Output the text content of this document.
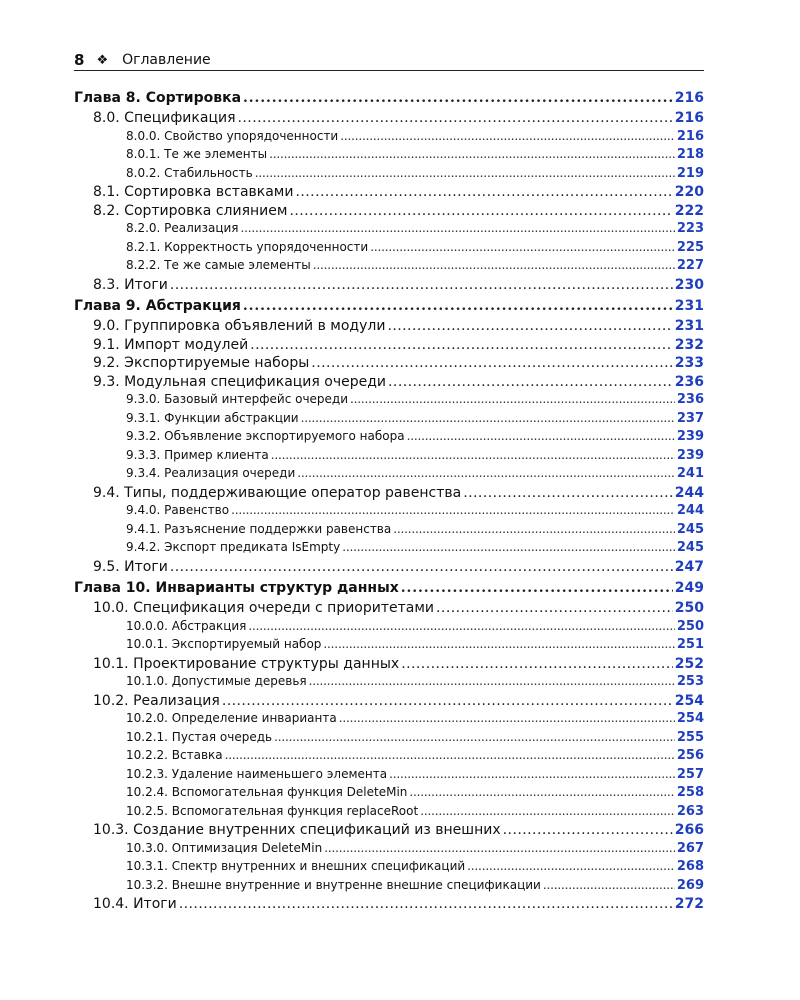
8 ❖ Оглавление
Глава 8. Сортировка . . .	216
8.0. Спецификация . . .	216
8.0.0. Свойство упорядоченности . . .	216
8.0.1. Те же элементы . . .	218
8.0.2. Стабильность . . .	219
8.1. Сортировка вставками . . .	220
8.2. Сортировка слиянием . . .	222
8.2.0. Реализация . . .	223
8.2.1. Корректность упорядоченности . . .	225
8.2.2. Те же самые элементы . . .	227
8.3. Итоги . . .	230
Глава 9. Абстракция . . .	231
9.0. Группировка объявлений в модули . . .	231
9.1. Импорт модулей . . .	232
9.2. Экспортируемые наборы . . .	233
9.3. Модульная спецификация очереди . . .	236
9.3.0. Базовый интерфейс очереди . . .	236
9.3.1. Функции абстракции . . .	237
9.3.2. Объявление экспортируемого набора . . .	239
9.3.3. Пример клиента . . .	239
9.3.4. Реализация очереди . . .	241
9.4. Типы, поддерживающие оператор равенства . . .	244
9.4.0. Равенство . . .	244
9.4.1. Разъяснение поддержки равенства . . .	245
9.4.2. Экспорт предиката IsEmpty . . .	245
9.5. Итоги . . .	247
Глава 10. Инварианты структур данных . . .	249
10.0. Спецификация очереди с приоритетами . . .	250
10.0.0. Абстракция . . .	250
10.0.1. Экспортируемый набор . . .	251
10.1. Проектирование структуры данных . . .	252
10.1.0. Допустимые деревья . . .	253
10.2. Реализация . . .	254
10.2.0. Определение инварианта . . .	254
10.2.1. Пустая очередь . . .	255
10.2.2. Вставка . . .	256
10.2.3. Удаление наименьшего элемента . . .	257
10.2.4. Вспомогательная функция DeleteMin . . .	258
10.2.5. Вспомогательная функция replaceRoot . . .	263
10.3. Создание внутренних спецификаций из внешних . . .	266
10.3.0. Оптимизация DeleteMin . . .	267
10.3.1. Спектр внутренних и внешних спецификаций . . .	268
10.3.2. Внешне внутренние и внутренне внешние спецификации . . .	269
10.4. Итоги . . .	272
